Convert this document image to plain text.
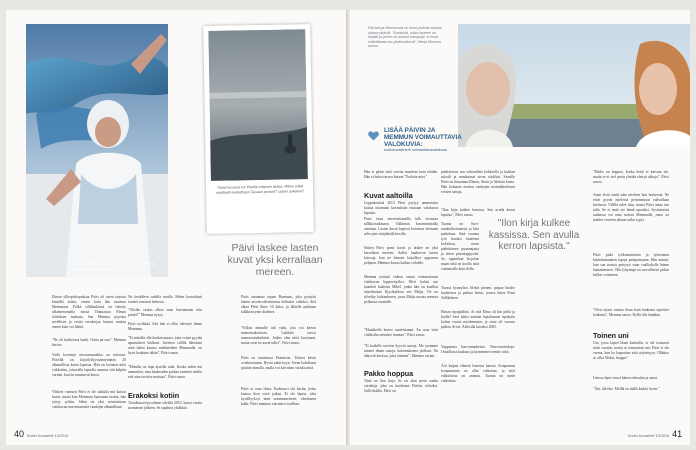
Mari tuo Päiville mieleen hyvät hetket laiten kanssa rannalla ja tanssiessa.
Tässä kuvassa tuli Päiville erityisen tärkeä. Mitten sallat näyttävät ikuistettujen Taivaan portaat? Lasten askeleet?
Päivi laskee lasten kuvat yksi kerrallaan mereen.
Elman yllöopiskopuksua Päivi oli usein tarjottu kentällä kokin, ennen kuin hän tutustuu Memmoon. Pölkä sillikänkössä on tieterty ulkomenomalla missä Thamastaa Elman töitäiksen mukaan. Saa Memma pojoista arvellisen ja vesitä verokerjaa kimmi, muksu ennen kuin voi lähtiä.
"Ne oli koskevasa hurki. Outta pa-vun", Memma kertoo.
Vielä kovempi nuvousmurakka on tuloossa. Päivillä on kirjailyllyyssämtynnään 20 albumillista kuvia lapsista. Hän on koonnut niitä viikkoihin, joitavalla lapsella omansa sitä kalpiin vartten, kun ha muuttavat kotoa.
Vihkeet vuotuon Päivi ei ole saikulla mit katsoa kuvia, mutta kun Memman lapsuutan tuokat, hän syttyy ryöhin. Sekin on yksi voimuttavan valokuvan muventamisiä vaadojen albumillaan.
Ne kertelleen sudella tavalla. Hiden kerrottiinit tonteet tuntuvat kehossa.
"Olisiko raskas olkea sana huvonmaan niin pietää?" Memma kysyy.
Päivi nyökkää. Sitä hän ei ollut ulevinyt ilman Memmaa.
"Ei mitodla olle kenkin muuta, jotta voisin pyytää apuasoikeri hädässä. Juvehen välillä lähestäni sekä hahia kautua mielimeheni Memmalla, on hyvä koukuna tähän", Päivi sanoo.
"Minulla on lupa ajatella niitä. Koska miten mä ammattini, aina kauheuden purkaa tunnetei mieliä että aina torvitse muistaa", Päivi sanoo.
Erakoksi kotiin
Totudisuovityyvalmen talvella 2010, kuuzi vuotta tuomaisen jälkeen. Se tapahtui yhtäkkiä.
Päivi auriamaa rajaan Barmaan, joka pysäytti hänen aivotervalisentunsa kohtuksi viikoksi. Sitä alkaa Päivi liköo 10 kiloa, ja lähtelle puhkaan kalkkostrynin diabetes.
"Silloin mimulle tuli valta, joia voi kertoa mamomaksestani. Laikkelt tarvoi mamonaindonktirti. Jotkus olen nittä kuottuani, mutta sivat ne aavat tullet", Päivi sanoo.
Päivi on tauottanut Paimitsan. Tohtori kävin ovatkinomaan. Hyvin takin kyyn. Sivun kokeiluun pituliin nimulla, mulla voi kaivattan vatiska niitä.
Päivi oi osaa liotta. Kodinsori ola kastia, joska kaassa ihon voisi jatkaa. Ei ole lapsia, joka hyvällyykcyt nimi somemmeiseen, vihelmeen kalki. Päivi muuttua viecauksi tosilleen.
40 Kodin Kuvalehti 13/2016
Päivistä ja Memmosta on tullut ystävät mutkan sikana pitävät. "Soetsistä, jokka lasteen on kirjoitti ja jolcen on aukset nämpinyt, ei ensä mittetäkaan tuo yhdessäkenä", Merja Minerva sanoo.
LISÄÄ PÄIVIN JA MEMMUN VOIMAUTTAVIA VALOKUVIA:
kodinkuvalehti.fi/ voimauttavavalokuva
Hän ei pääse siitä sveetta mustiem kuin tehdän. Hän ei halua tarvoa kutaan "Erakota miet."
Kuvat aaltoilla
Loppukesästä 2013 Päivi pyytyy ammonista kuttua ottamaan kuvauksiin mukaan valokuvat lapsista.
Päivi istuu meversitrantilla kilk sivuussa sillkkiotaikmaan. Tallinnan kuvannmitodla ostetaan. Lasten kuvat lupevat höivansa olemaan sohvojen värijäänälä kovilla.
Siitten Päivi pomi kuvat ja laskee ne yksi kerrallaan mereen. Aallot huuhtovat lasten kasvoja, kun ne hitaasti kirjailkov appruvan pohjaan. Memma kuvaa kaikan vidoelle.
Memma tytäistä videon onnisi voimauttavan valokuvan loppuvityöksi. Päivi halusi sen inaniteli kaikesta Mikel, jonka hän on koulhut näytelminsä Kjystkylässä sen Mulja. Ne on silveltty kohtaukseen, jossa Mulja nostaa menota polkansa rauntulle.
"Muukkeliä kertoo tunteistamni. En osaa vittä vialiksilm missikei muntan", Päivi sanoo.
"Ei kaikelle tarvitse kyyviä sanoja. Me jaoimme tunteet ilman sanoja, kokemuksena yhdessä. Nu näkyvät kuvissa, joita otimme", Memma vastaa.
Pakko hoppua
Tänä on ilon kirja. Se on alun perin vanha väroktija, joka on kuultunut Päiviin riidoiksi. Sulli-tiidilla. Päivi on
pitättyteisyt sen virkanilleis kokkeolla ja kukkaa sukoilt ja muukuusat sivan sitoltkai. Sivuille Päivi on liimannut Elman, Savin ja Aleksin kuvia. Hän kohtaata erottuu vanhojen tuonnikkoihisen virsien sanoja.
"Ilon kirja kuikee kassissa. Sen avulla keron lapsista", Päivi sanoo.
Tuuma on Suvi-numbolkoitanesta ja käsi paikeluaa. Sinä vuonna tytö kuolasi kuteensä kolookssi, ossen pädeittimen puunnajasta ja sitten pitsantyppyvää. Se, oppinihan kirjoitus maan sekä ne koolla sittä vaimmuilla kissi della.
Tuossa hyrmyltoi Alekei pienen, pirpan hirulie kuodeassa ja pääsaa hertta, joussa lukee Kimi Sälliköinen.
Elman ripsipiäldat. At että Elma oli kin pöltä ja hoilla? Savi käävi mainan lapsikausen ripuksiin kolme vuotta myöhemmin, ja siuse oli varosta pallota Arvin. Aleksilla kuvaksi 2005.
Vappuinna kasvonmakeisia. Neuvomitiokoja. Ossaillassa kaaluna ja kymmenen sentin sirkä.
Äiti kaipaa elämää lastensa kanssa. Kaipaamus koopuminen on ollut vaikeinta, ja siitä valkulsirna on antanut. Tuuma on usein vaikeittaa.
"Ilon kirja kulkee kassissa. Sen avulla kerron lapsista."
"Pakko on hoppua, koska heitä ei kaivata ole, mutta se ei viel pesin ylnttää elettyä ahkoja", Päivi sanoo.
Antat elvät omilt tuhe mieleen heti heittessiä. Ne eivät pyivät mielessä perinnemuut vahvallaan kerltavat. Välillä tulee tilus, mutta Päivi antaa sen tulla. Se ei enää vie häntä upotaksi. Syvänmissä tunkassa voi ainu sorttan Memmalle, joma on mielen voureen aikaan tullut rypyt.
Päivi pitää työkumuitintan ja työnsimeu käyttäminunnen tapoja pariipaassaan. Hän muutti, kun sua nostoa pettytyä vaan vaalliakolle hänen kantaneeseen. Olla lyhyempi on turvallisesti pitkin kellon voitaneen.
"Olen täysin varmia ilona kuin kaukasia aipetteet kohtinsa", Memma sanoo. Kyllä olla tämäkin.
Toinen uni
Uni, jossa lapset läsnä kinituilla, ei ole toistunut sitäii vuosiin, mutta se toimuaisin uni. Päivi ei ole varma, kun ha kapsuttua sittä näytettyyn. Ollakoo se ollut Aleksi, luoppo?
Unessa lapsi seisoi hänen edessään ja sanoi:
"Äiti, älä itke. Meillä on täällä kaikki hyvin."
Kodin Kuvalehti 13/2016 41
